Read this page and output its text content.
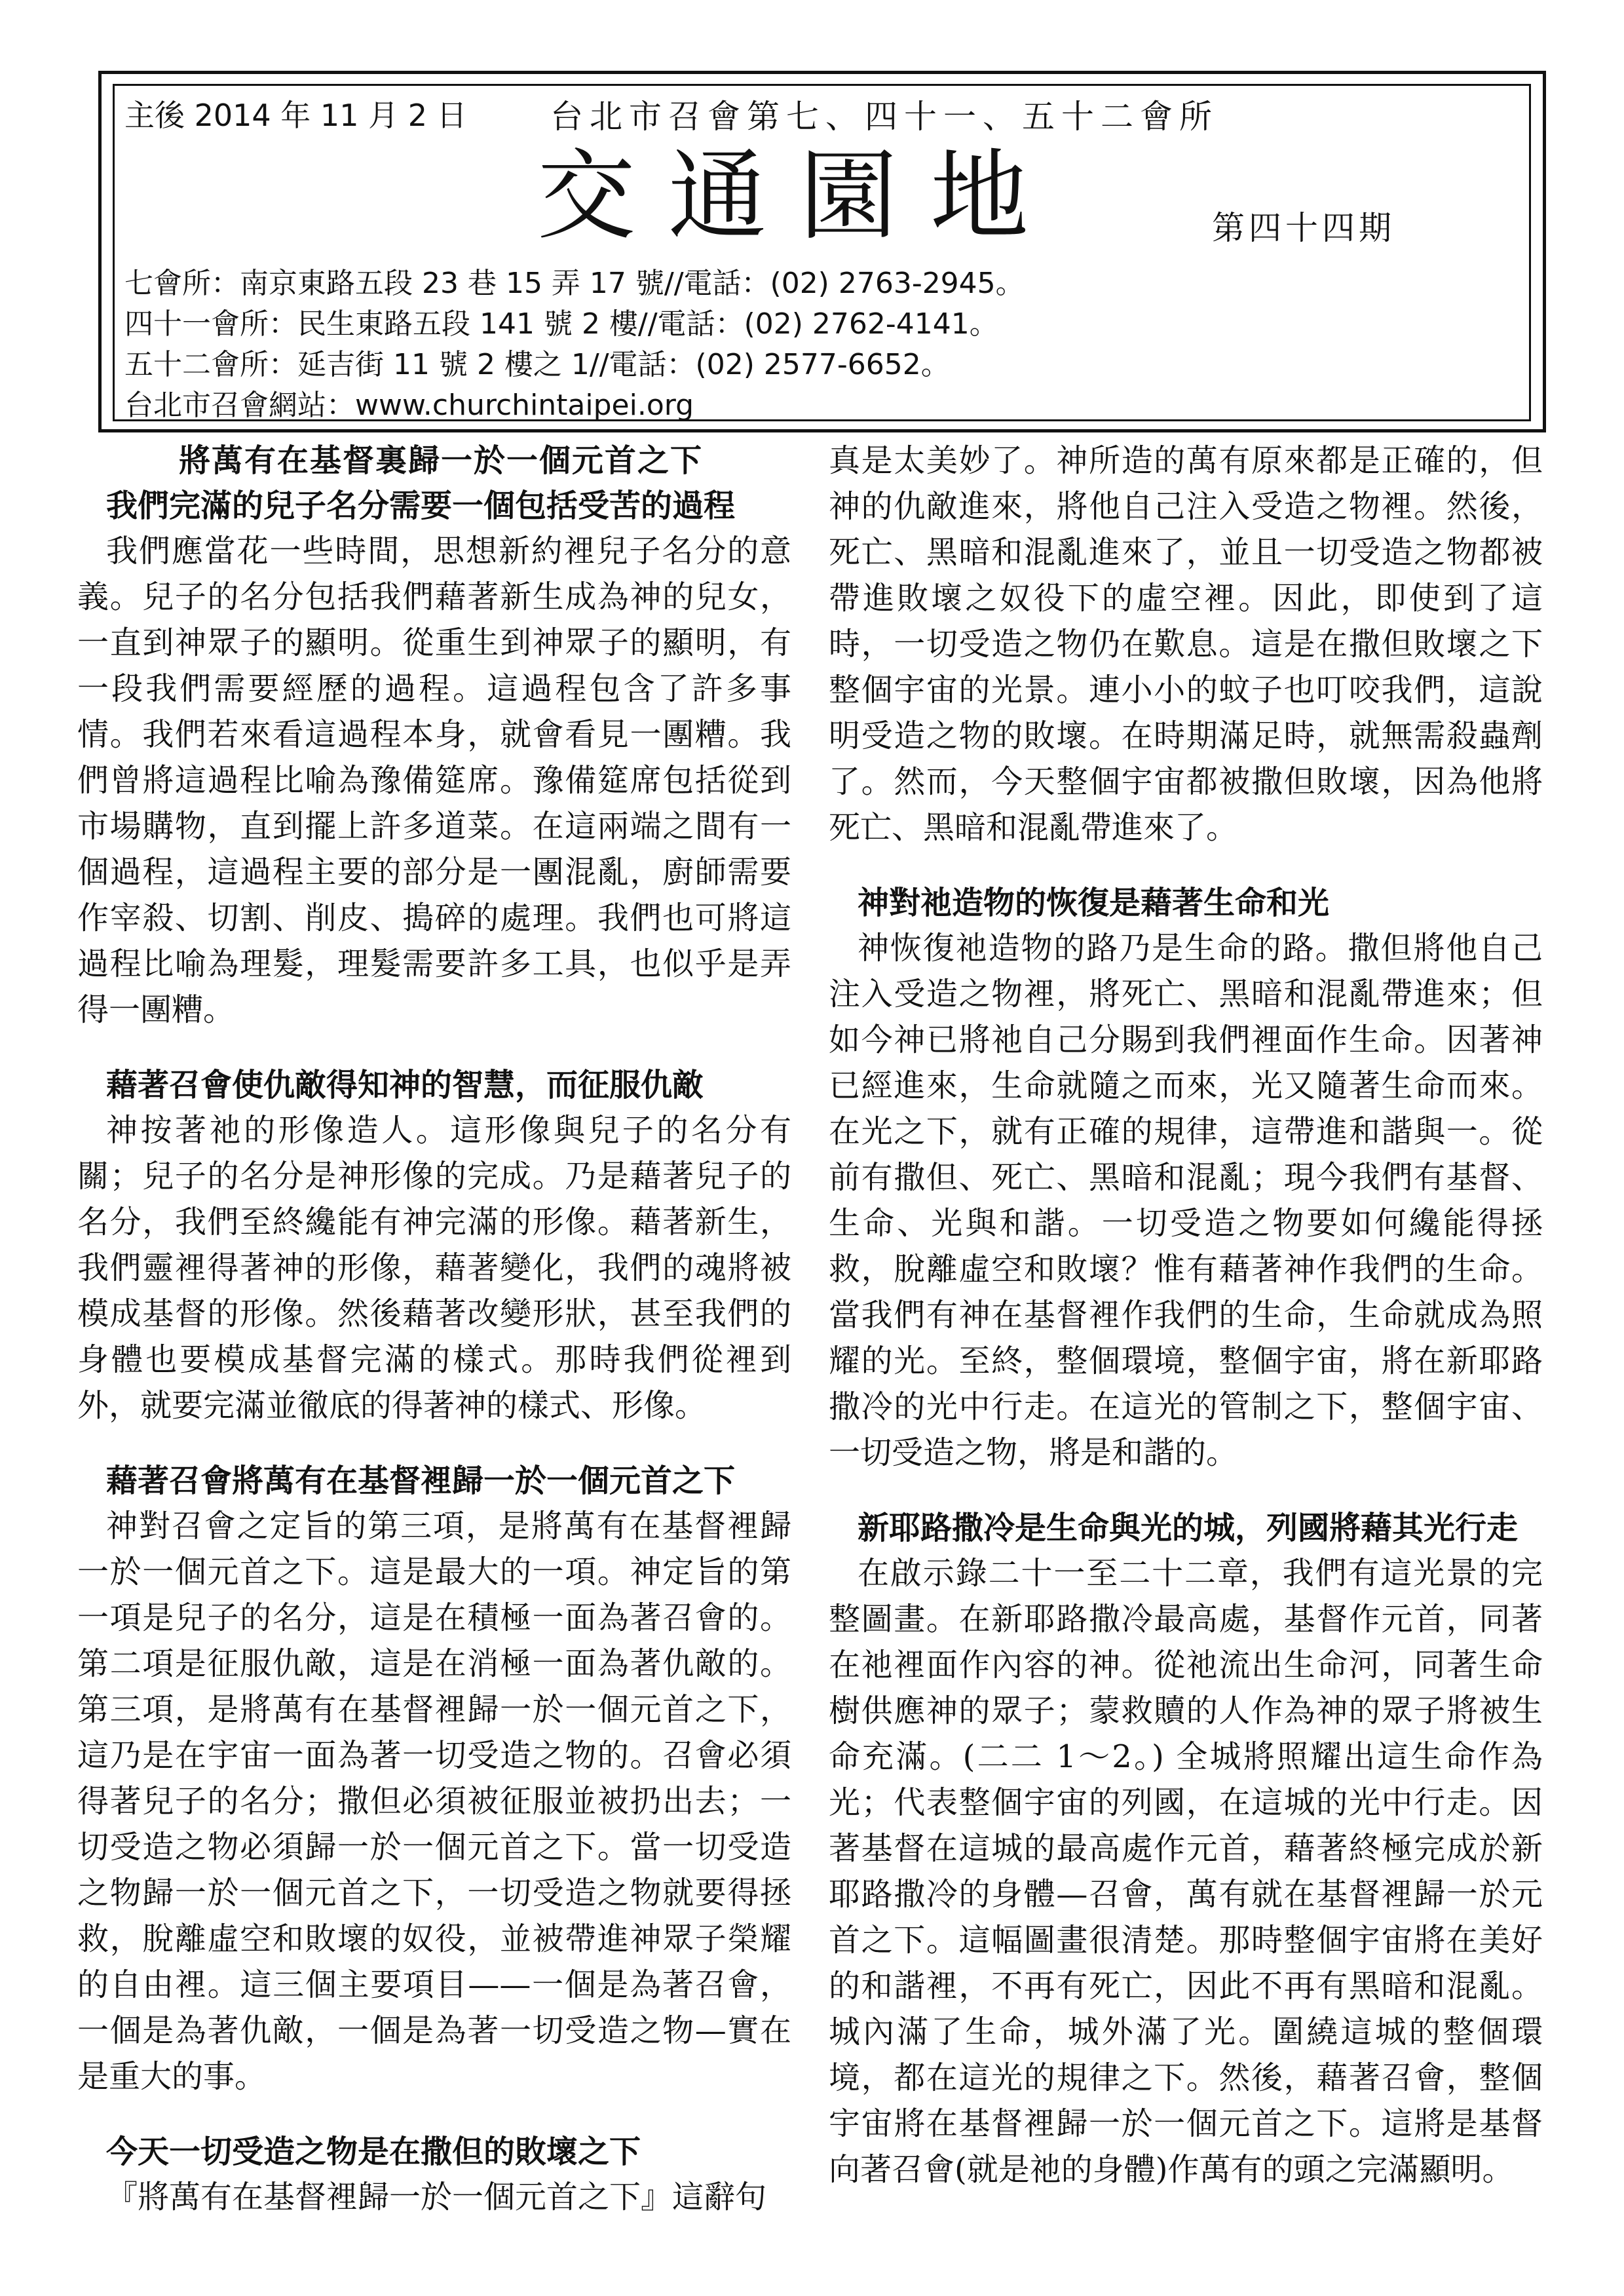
主後 2014 年 11 月 2 日	台北市召會第七、四十一、五十二會所
交通園地	第四十四期
七會所：南京東路五段 23 巷 15 弄 17 號//電話：(02) 2763-2945。
四十一會所：民生東路五段 141 號 2 樓//電話：(02) 2762-4141。
五十二會所：延吉街 11 號 2 樓之 1//電話：(02) 2577-6652。
台北市召會網站：www.churchintaipei.org
將萬有在基督裏歸一於一個元首之下
我們完滿的兒子名分需要一個包括受苦的過程

我們應當花一些時間，思想新約裡兒子名分的意義。兒子的名分包括我們藉著新生成為神的兒女，一直到神眾子的顯明。從重生到神眾子的顯明，有一段我們需要經歷的過程。這過程包含了許多事情。我們若來看這過程本身，就會看見一團糟。我們曾將這過程比喻為豫備筵席。豫備筵席包括從到市場購物，直到擺上許多道菜。在這兩端之間有一個過程，這過程主要的部分是一團混亂，廚師需要作宰殺、切割、削皮、搗碎的處理。我們也可將這過程比喻為理髮，理髮需要許多工具，也似乎是弄得一團糟。

藉著召會使仇敵得知神的智慧，而征服仇敵

神按著祂的形像造人。這形像與兒子的名分有關；兒子的名分是神形像的完成。乃是藉著兒子的名分，我們至終纔能有神完滿的形像。藉著新生，我們靈裡得著神的形像，藉著變化，我們的魂將被模成基督的形像。然後藉著改變形狀，甚至我們的身體也要模成基督完滿的樣式。那時我們從裡到外，就要完滿並徹底的得著神的樣式、形像。

藉著召會將萬有在基督裡歸一於一個元首之下

神對召會之定旨的第三項，是將萬有在基督裡歸一於一個元首之下。這是最大的一項。神定旨的第一項是兒子的名分，這是在積極一面為著召會的。第二項是征服仇敵，這是在消極一面為著仇敵的。第三項，是將萬有在基督裡歸一於一個元首之下，這乃是在宇宙一面為著一切受造之物的。召會必須得著兒子的名分；撒但必須被征服並被扔出去；一切受造之物必須歸一於一個元首之下。當一切受造之物歸一於一個元首之下，一切受造之物就要得拯救，脫離虛空和敗壞的奴役，並被帶進神眾子榮耀的自由裡。這三個主要項目——一個是為著召會，一個是為著仇敵，一個是為著一切受造之物—實在是重大的事。

今天一切受造之物是在撒但的敗壞之下

『將萬有在基督裡歸一於一個元首之下』這辭句

真是太美妙了。神所造的萬有原來都是正確的，但神的仇敵進來，將他自己注入受造之物裡。然後，死亡、黑暗和混亂進來了，並且一切受造之物都被帶進敗壞之奴役下的虛空裡。因此，即使到了這時，一切受造之物仍在歎息。這是在撒但敗壞之下整個宇宙的光景。連小小的蚊子也叮咬我們，這說明受造之物的敗壞。在時期滿足時，就無需殺蟲劑了。然而，今天整個宇宙都被撒但敗壞，因為他將死亡、黑暗和混亂帶進來了。

神對祂造物的恢復是藉著生命和光

神恢復祂造物的路乃是生命的路。撒但將他自己注入受造之物裡，將死亡、黑暗和混亂帶進來；但如今神已將祂自己分賜到我們裡面作生命。因著神已經進來，生命就隨之而來，光又隨著生命而來。在光之下，就有正確的規律，這帶進和諧與一。從前有撒但、死亡、黑暗和混亂；現今我們有基督、生命、光與和諧。一切受造之物要如何纔能得拯救，脫離虛空和敗壞？惟有藉著神作我們的生命。當我們有神在基督裡作我們的生命，生命就成為照耀的光。至終，整個環境，整個宇宙，將在新耶路撒冷的光中行走。在這光的管制之下，整個宇宙、一切受造之物，將是和諧的。

新耶路撒冷是生命與光的城，列國將藉其光行走

在啟示錄二十一至二十二章，我們有這光景的完整圖畫。在新耶路撒冷最高處，基督作元首，同著在祂裡面作內容的神。從祂流出生命河，同著生命樹供應神的眾子；蒙救贖的人作為神的眾子將被生命充滿。(二二 1～2。) 全城將照耀出這生命作為光；代表整個宇宙的列國，在這城的光中行走。因著基督在這城的最高處作元首，藉著終極完成於新耶路撒冷的身體—召會，萬有就在基督裡歸一於元首之下。這幅圖畫很清楚。那時整個宇宙將在美好的和諧裡，不再有死亡，因此不再有黑暗和混亂。城內滿了生命，城外滿了光。圍繞這城的整個環境，都在這光的規律之下。然後，藉著召會，整個宇宙將在基督裡歸一於一個元首之下。這將是基督向著召會(就是祂的身體)作萬有的頭之完滿顯明。
